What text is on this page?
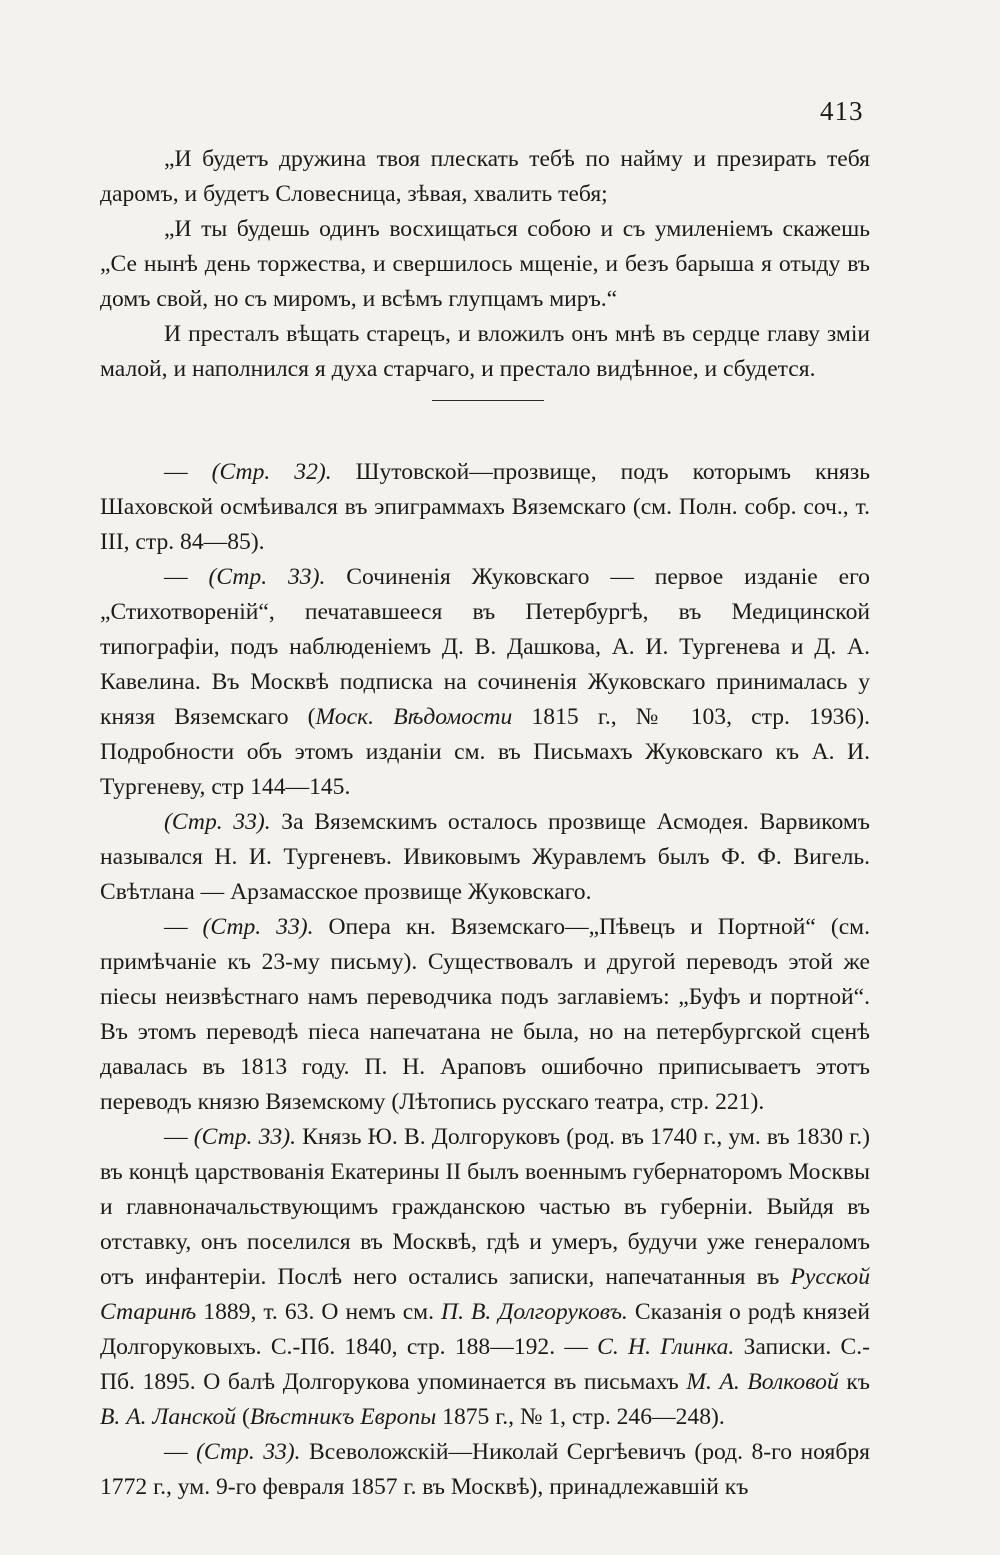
413

„И будетъ дружина твоя плескать тебѣ по найму и презирать тебя даромъ, и будетъ Словесница, зѣвая, хвалить тебя;

„И ты будешь одинъ восхищаться собою и съ умиленіемъ скажешь „Се нынѣ день торжества, и свершилось мщеніе, и безъ барыша я отыду въ домъ свой, но съ миромъ, и всѣмъ глупцамъ миръ.“

И престалъ вѣщать старецъ, и вложилъ онъ мнѣ въ сердце главу зміи малой, и наполнился я духа старчаго, и престало видѣнное, и сбудется.

— (Стр. 32). Шутовской—прозвище, подъ которымъ князь Шаховской осмѣивался въ эпиграммахъ Вяземскаго (см. Полн. собр. соч., т. III, стр. 84—85).

— (Стр. 33). Сочиненія Жуковскаго — первое изданіе его „Стихотвореній“, печатавшееся въ Петербургѣ, въ Медицинской типографіи, подъ наблюденіемъ Д. В. Дашкова, А. И. Тургенева и Д. А. Кавелина. Въ Москвѣ подписка на сочиненія Жуковскаго принималась у князя Вяземскаго (Моск. Вѣдомости 1815 г., № 103, стр. 1936). Подробности объ этомъ изданіи см. въ Письмахъ Жуковскаго къ А. И. Тургеневу, стр 144—145.

(Стр. 33). За Вяземскимъ осталось прозвище Асмодея. Варвикомъ назывался Н. И. Тургеневъ. Ивиковымъ Журавлемъ былъ Ф. Ф. Вигель. Свѣтлана — Арзамасское прозвище Жуковскаго.

— (Стр. 33). Опера кн. Вяземскаго—„Пѣвецъ и Портной“ (см. примѣчаніе къ 23-му письму). Существовалъ и другой переводъ этой же піесы неизвѣстнаго намъ переводчика подъ заглавіемъ: „Буфъ и портной“. Въ этомъ переводѣ піеса напечатана не была, но на петербургской сценѣ давалась въ 1813 году. П. Н. Араповъ ошибочно приписываетъ этотъ переводъ князю Вяземскому (Лѣтопись русскаго театра, стр. 221).

— (Стр. 33). Князь Ю. В. Долгоруковъ (род. въ 1740 г., ум. въ 1830 г.) въ концѣ царствованія Екатерины II былъ военнымъ губернаторомъ Москвы и главноначальствующимъ гражданскою частью въ губерніи. Выйдя въ отставку, онъ поселился въ Москвѣ, гдѣ и умеръ, будучи уже генераломъ отъ инфантеріи. Послѣ него остались записки, напечатанныя въ Русской Старинѣ 1889, т. 63. О немъ см. П. В. Долгоруковъ. Сказанія о родѣ князей Долгоруковыхъ. С.-Пб. 1840, стр. 188—192. — С. Н. Глинка. Записки. С.-Пб. 1895. О балѣ Долгорукова упоминается въ письмахъ М. А. Волковой къ В. А. Ланской (Вѣстникъ Европы 1875 г., № 1, стр. 246—248).

— (Стр. 33). Всеволожскій—Николай Сергѣевичъ (род. 8-го ноября 1772 г., ум. 9-го февраля 1857 г. въ Москвѣ), принадлежавшій къ
